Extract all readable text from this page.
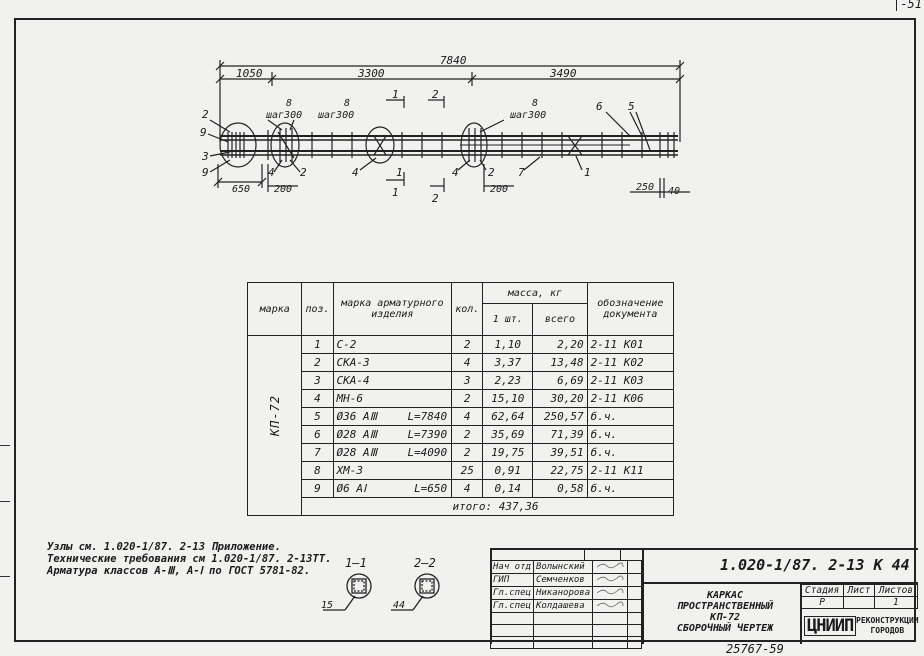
-51
7840
1050	3300	3490
8
шаг300
8
шаг300
8
шаг300
2
9
3
9	4 2	4	1	4	2 7	1
6 5
1
1
2
2
650 200	200	250 40
марка	поз.	марка арматурного изделия	кол.	масса, кг		обозначение документа
				1 шт.	всего	
КП-72	1	С-2	2	1,10	2,20	2-11 К01
	2	СКА-3	4	3,37	13,48	2-11 К02
	3	СКА-4	3	2,23	6,69	2-11 К03
	4	МН-6	2	15,10	30,20	2-11 К06
	5	Ø36 АⅢ L=7840	4	62,64	250,57	б.ч.
	6	Ø28 АⅢ L=7390	2	35,69	71,39	б.ч.
	7	Ø28 АⅢ L=4090	2	19,75	39,51	б.ч.
	8	ХМ-3	25	0,91	22,75	2-11 К11
	9	Ø6 АⅠ L=650	4	0,14	0,58	б.ч.
	итого: 437,36					
Узлы см. 1.020-1/87. 2-13 Приложение.
Технические требования см 1.020-1/87. 2-13ТТ.
Арматура классов А-Ⅲ, А-Ⅰ по ГОСТ 5781-82.
1–1	2–2
15	44
Нач отд	Волынский		
ГИП	Семченков		
Гл.спец	Никанорова		
Гл.спец	Колдашева		

1.020-1/87. 2-13 К 44
КАРКАС
ПРОСТРАНСТВЕННЫЙ
КП-72
СБОРОЧНЫЙ ЧЕРТЕЖ
Стадия	Лист	Листов
Р		1
ЦНИИП РЕКОНСТРУКЦИИ
ГОРОДОВ
25767-59
